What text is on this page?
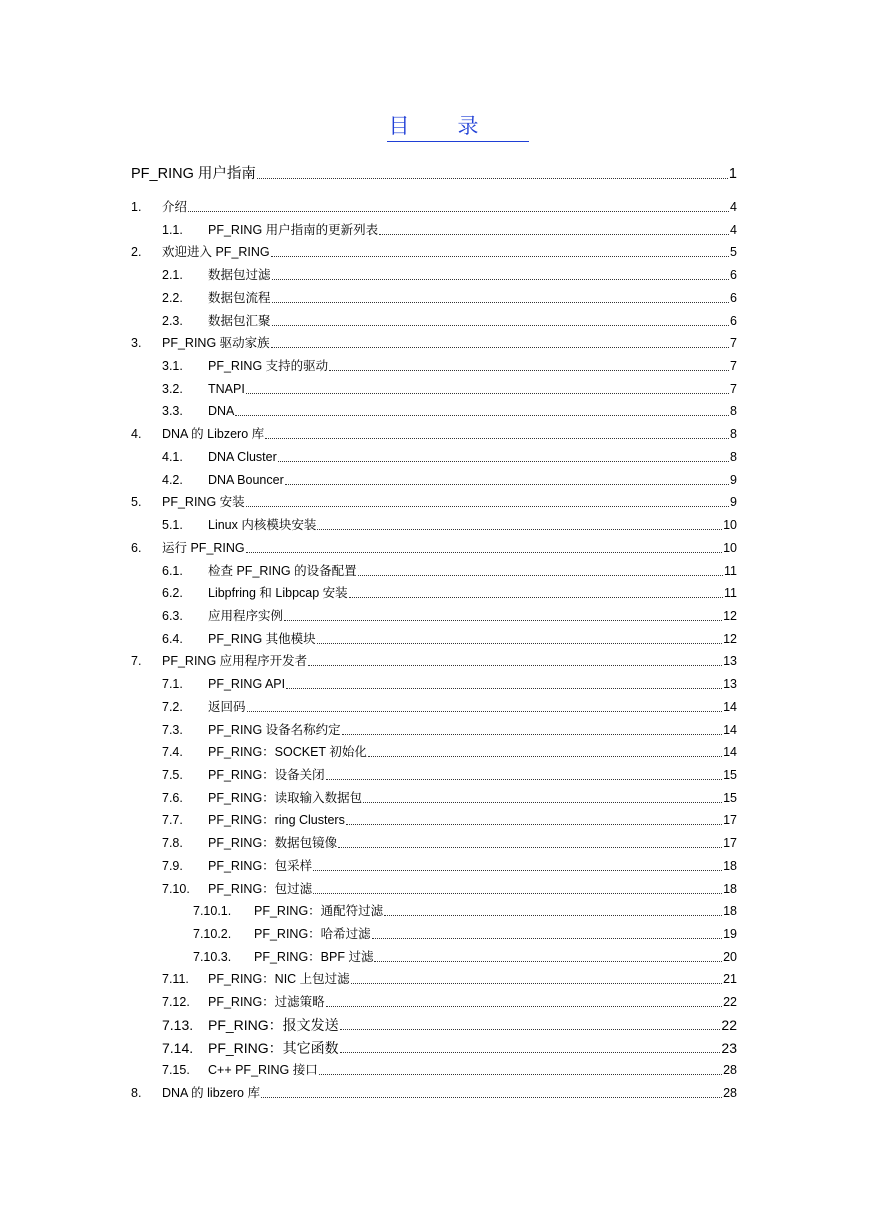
目录
PF_RING 用户指南	1
1. 介绍	4
1.1. PF_RING 用户指南的更新列表	4
2. 欢迎进入 PF_RING	5
2.1. 数据包过滤	6
2.2. 数据包流程	6
2.3. 数据包汇聚	6
3. PF_RING 驱动家族	7
3.1. PF_RING 支持的驱动	7
3.2. TNAPI	7
3.3. DNA	8
4. DNA 的 Libzero 库	8
4.1. DNA Cluster	8
4.2. DNA Bouncer	9
5. PF_RING 安装	9
5.1. Linux 内核模块安装	10
6. 运行 PF_RING	10
6.1. 检查 PF_RING 的设备配置	11
6.2. Libpfring 和 Libpcap 安装	11
6.3. 应用程序实例	12
6.4. PF_RING 其他模块	12
7. PF_RING 应用程序开发者	13
7.1. PF_RING API	13
7.2. 返回码	14
7.3. PF_RING 设备名称约定	14
7.4. PF_RING：SOCKET 初始化	14
7.5. PF_RING：设备关闭	15
7.6. PF_RING：读取输入数据包	15
7.7. PF_RING：ring Clusters	17
7.8. PF_RING：数据包镜像	17
7.9. PF_RING：包采样	18
7.10. PF_RING：包过滤	18
7.10.1. PF_RING：通配符过滤	18
7.10.2. PF_RING：哈希过滤	19
7.10.3. PF_RING：BPF 过滤	20
7.11. PF_RING：NIC 上包过滤	21
7.12. PF_RING：过滤策略	22
7.13. PF_RING：报文发送	22
7.14. PF_RING：其它函数	23
7.15. C++ PF_RING 接口	28
8. DNA 的 libzero 库	28
